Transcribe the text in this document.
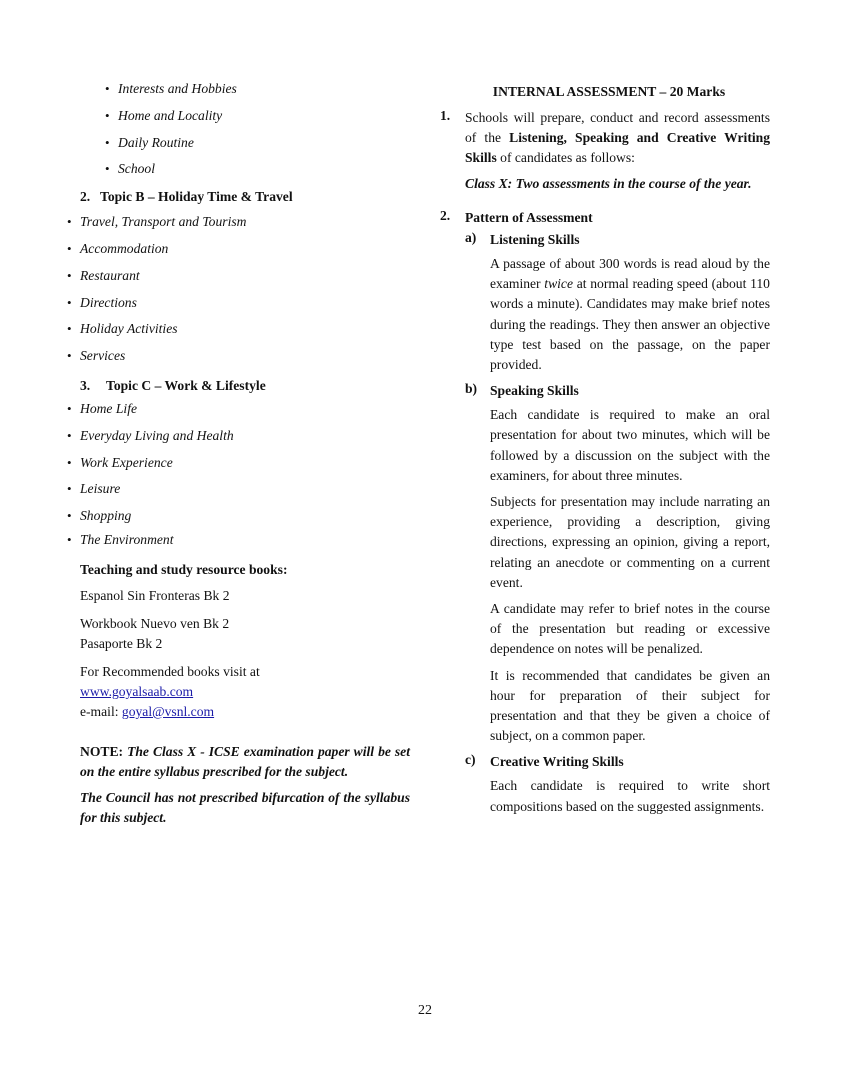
• Interests and Hobbies
• Home and Locality
• Daily Routine
• School
2. Topic B – Holiday Time & Travel
• Travel, Transport and Tourism
• Accommodation
• Restaurant
• Directions
• Holiday Activities
• Services
3. Topic C – Work & Lifestyle
• Home Life
• Everyday Living and Health
• Work Experience
• Leisure
• Shopping
• The Environment
Teaching and study resource books:
Espanol Sin Fronteras Bk 2
Workbook Nuevo ven Bk 2
Pasaporte Bk 2
For Recommended books visit at
www.goyalsaab.com
e-mail: goyal@vsnl.com
NOTE: The Class X - ICSE examination paper will be set on the entire syllabus prescribed for the subject.
The Council has not prescribed bifurcation of the syllabus for this subject.
INTERNAL ASSESSMENT – 20 Marks
1. Schools will prepare, conduct and record assessments of the Listening, Speaking and Creative Writing Skills of candidates as follows:
Class X: Two assessments in the course of the year.
2. Pattern of Assessment
a) Listening Skills
A passage of about 300 words is read aloud by the examiner twice at normal reading speed (about 110 words a minute). Candidates may make brief notes during the readings. They then answer an objective type test based on the passage, on the paper provided.
b) Speaking Skills
Each candidate is required to make an oral presentation for about two minutes, which will be followed by a discussion on the subject with the examiners, for about three minutes.
Subjects for presentation may include narrating an experience, providing a description, giving directions, expressing an opinion, giving a report, relating an anecdote or commenting on a current event.
A candidate may refer to brief notes in the course of the presentation but reading or excessive dependence on notes will be penalized.
It is recommended that candidates be given an hour for preparation of their subject for presentation and that they be given a choice of subject, on a common paper.
c) Creative Writing Skills
Each candidate is required to write short compositions based on the suggested assignments.
22
